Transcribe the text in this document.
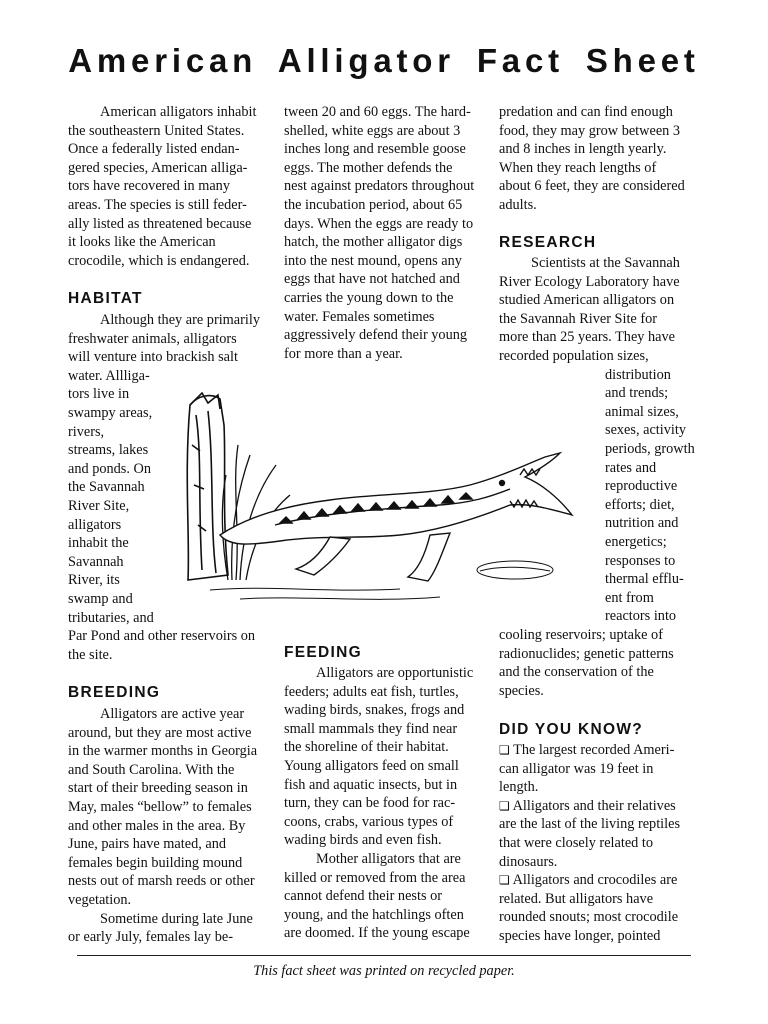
American Alligator Fact Sheet

American alligators inhabit

the southeastern United States.

Once a federally listed endan-

gered species, American alliga-

tors have recovered in many

areas. The species is still feder-

ally listed as threatened because

it looks like the American

crocodile, which is endangered.

HABITAT

Although they are primarily

freshwater animals, alligators

will venture into brackish salt

water. Allliga-

tors live in

swampy areas,

rivers,

streams, lakes

and ponds. On

the Savannah

River Site,

alligators

inhabit the

Savannah

River, its

swamp and

tributaries, and

Par Pond and other reservoirs on

the site.

BREEDING

Alligators are active year

around, but they are most active

in the warmer months in Georgia

and South Carolina. With the

start of their breeding season in

May, males “bellow” to females

and other males in the area. By

June, pairs have mated, and

females begin building mound

nests out of marsh reeds or other

vegetation.

Sometime during late June

or early July, females lay be-

tween 20 and 60 eggs. The hard-

shelled, white eggs are about 3

inches long and resemble goose

eggs. The mother defends the

nest against predators throughout

the incubation period, about 65

days. When the eggs are ready to

hatch, the mother alligator digs

into the nest mound, opens any

eggs that have not hatched and

carries the young down to the

water. Females sometimes

aggressively defend their young

for more than a year.

FEEDING

Alligators are opportunistic

feeders; adults eat fish, turtles,

wading birds, snakes, frogs and

small mammals they find near

the shoreline of their habitat.

Young alligators feed on small

fish and aquatic insects, but in

turn, they can be food for rac-

coons, crabs, various types of

wading birds and even fish.

Mother alligators that are

killed or removed from the area

cannot defend their nests or

young, and the hatchlings often

are doomed. If the young escape

predation and can find enough

food, they may grow between 3

and 8 inches in length yearly.

When they reach lengths of

about 6 feet, they are considered

adults.

RESEARCH

Scientists at the Savannah

River Ecology Laboratory have

studied American alligators on

the Savannah River Site for

more than 25 years. They have

recorded population sizes,

distribution

and trends;

animal sizes,

sexes, activity

periods, growth

rates and

reproductive

efforts; diet,

nutrition and

energetics;

responses to

thermal efflu-

ent from

reactors into

cooling reservoirs; uptake of

radionuclides; genetic patterns

and the conservation of the

species.

DID YOU KNOW?

❏ The largest recorded Ameri-

can alligator was 19 feet in

length.

❏ Alligators and their relatives

are the last of the living reptiles

that were closely related to

dinosaurs.

❏ Alligators and crocodiles are

related. But alligators have

rounded snouts; most crocodile

species have longer, pointed

This fact sheet was printed on recycled paper.
